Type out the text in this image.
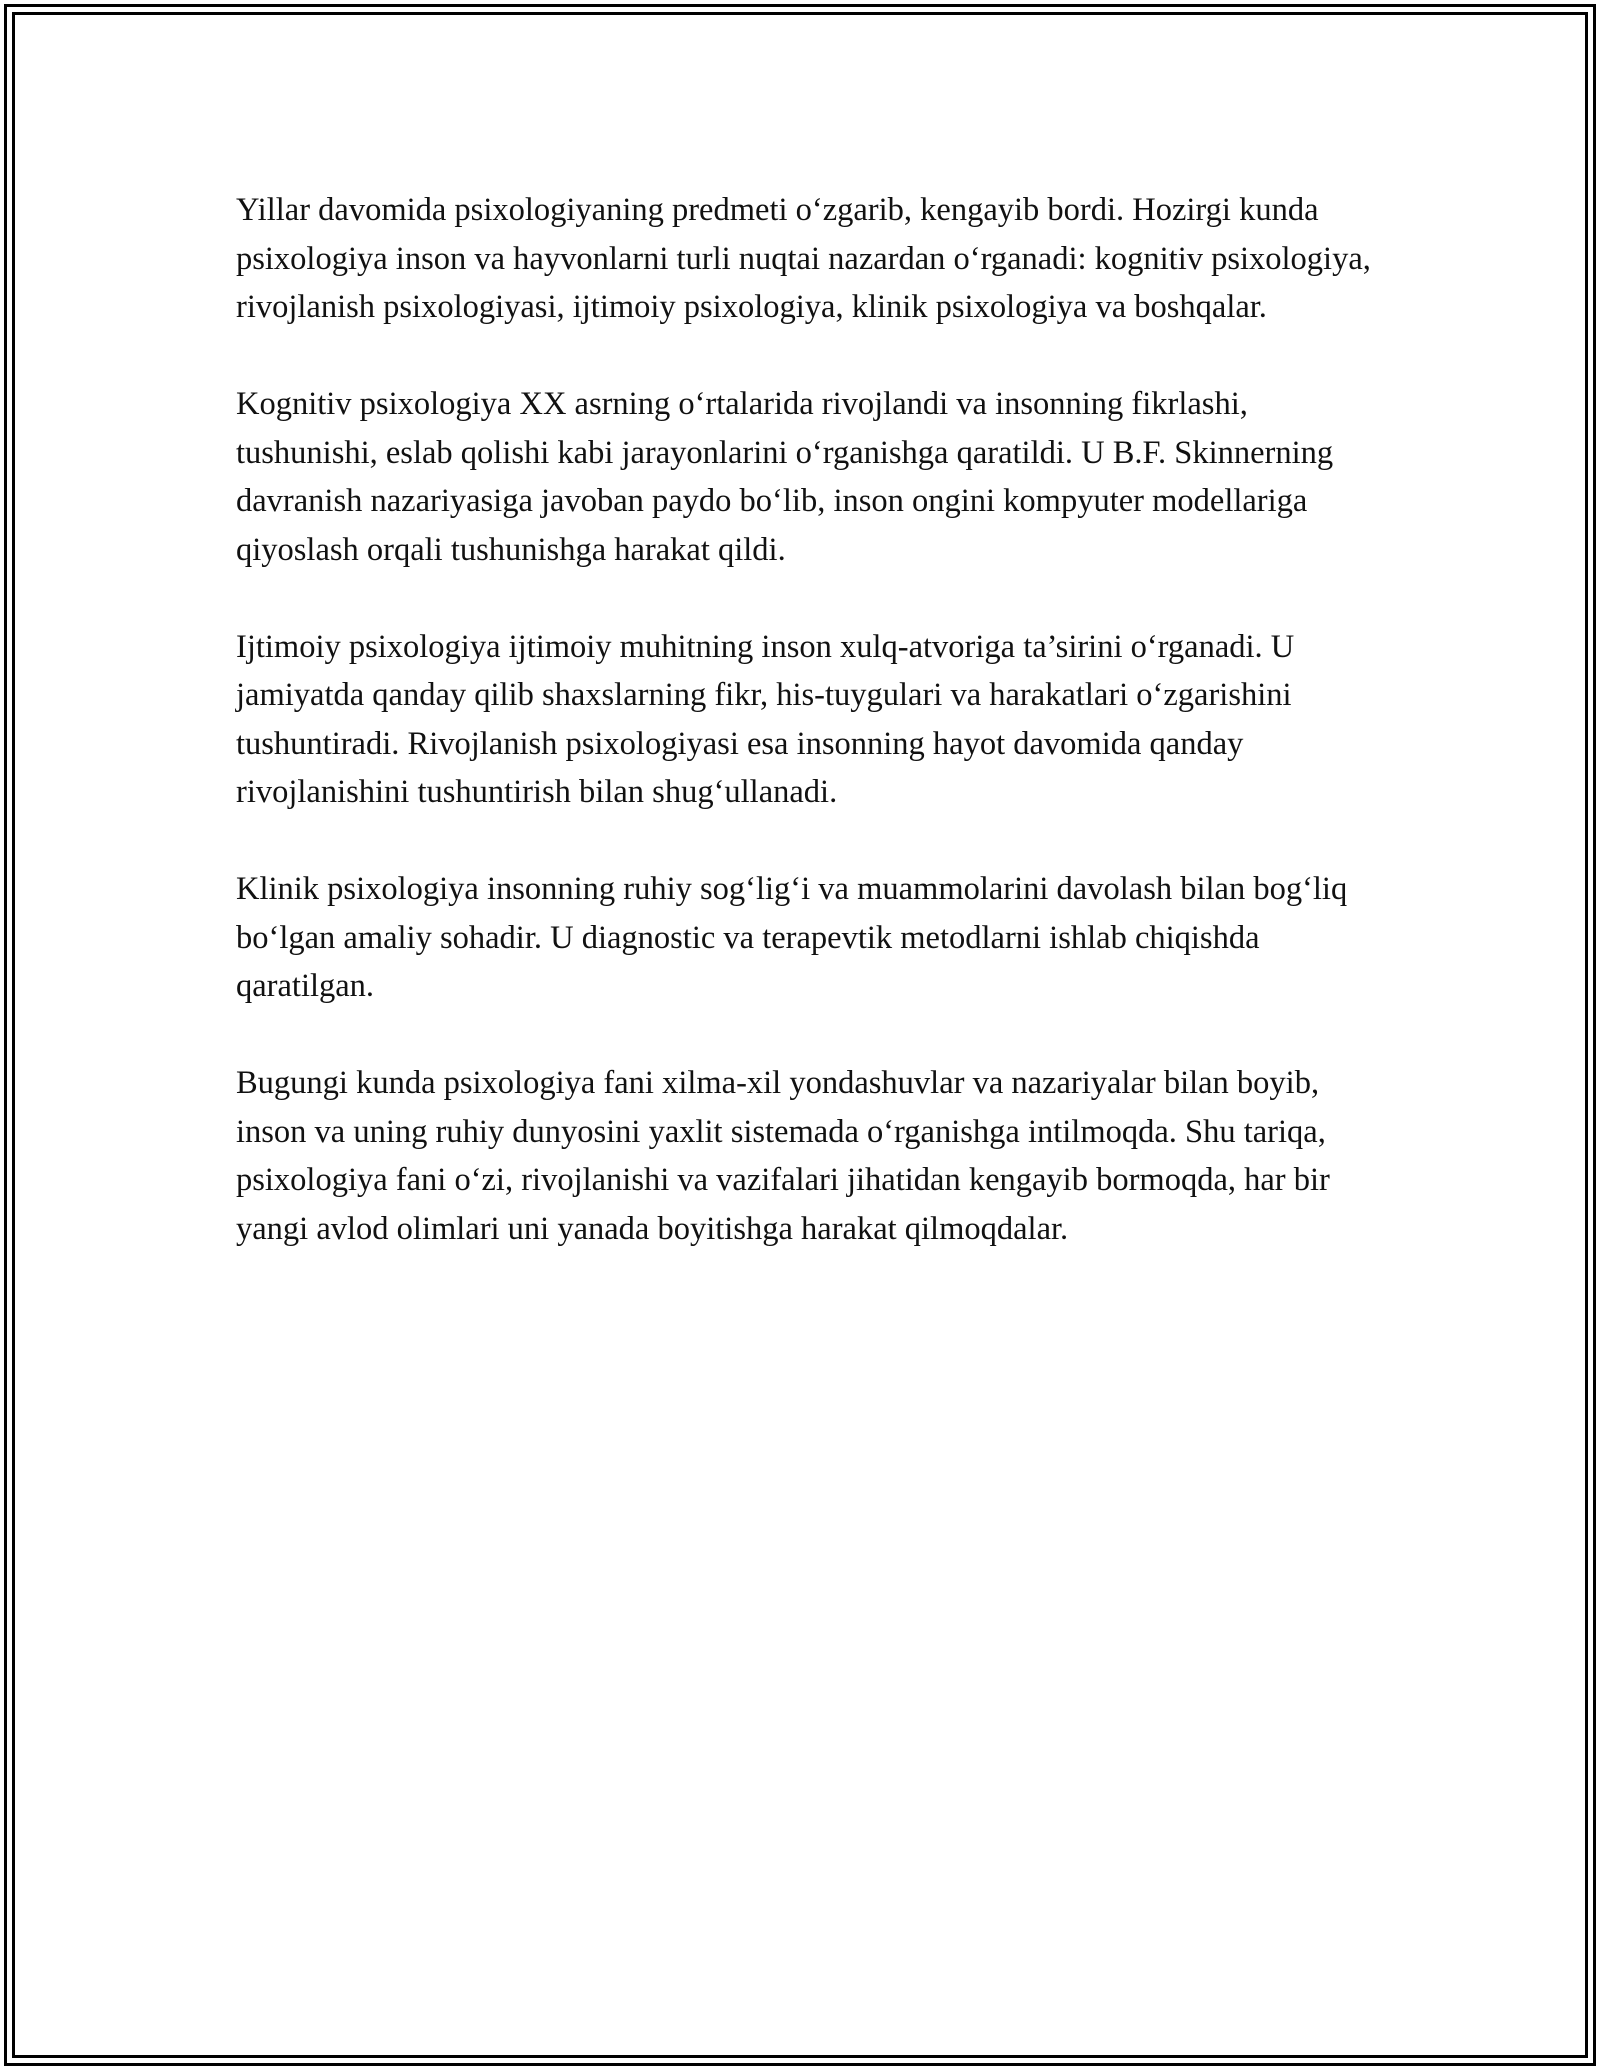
Yillar davomida psixologiyaning predmeti o‘zgarib, kengayib bordi. Hozirgi kunda psixologiya inson va hayvonlarni turli nuqtai nazardan o‘rganadi: kognitiv psixologiya, rivojlanish psixologiyasi, ijtimoiy psixologiya, klinik psixologiya va boshqalar.

Kognitiv psixologiya XX asrning o‘rtalarida rivojlandi va insonning fikrlashi, tushunishi, eslab qolishi kabi jarayonlarini o‘rganishga qaratildi. U B.F. Skinnerning davranish nazariyasiga javoban paydo bo‘lib, inson ongini kompyuter modellariga qiyoslash orqali tushunishga harakat qildi.

Ijtimoiy psixologiya ijtimoiy muhitning inson xulq-atvoriga ta’sirini o‘rganadi. U jamiyatda qanday qilib shaxslarning fikr, his-tuygulari va harakatlari o‘zgarishini tushuntiradi. Rivojlanish psixologiyasi esa insonning hayot davomida qanday rivojlanishini tushuntirish bilan shug‘ullanadi.

Klinik psixologiya insonning ruhiy sog‘lig‘i va muammolarini davolash bilan bog‘liq bo‘lgan amaliy sohadir. U diagnostic va terapevtik metodlarni ishlab chiqishda qaratilgan.

Bugungi kunda psixologiya fani xilma-xil yondashuvlar va nazariyalar bilan boyib, inson va uning ruhiy dunyosini yaxlit sistemada o‘rganishga intilmoqda. Shu tariqa, psixologiya fani o‘zi, rivojlanishi va vazifalari jihatidan kengayib bormoqda, har bir yangi avlod olimlari uni yanada boyitishga harakat qilmoqdalar.
